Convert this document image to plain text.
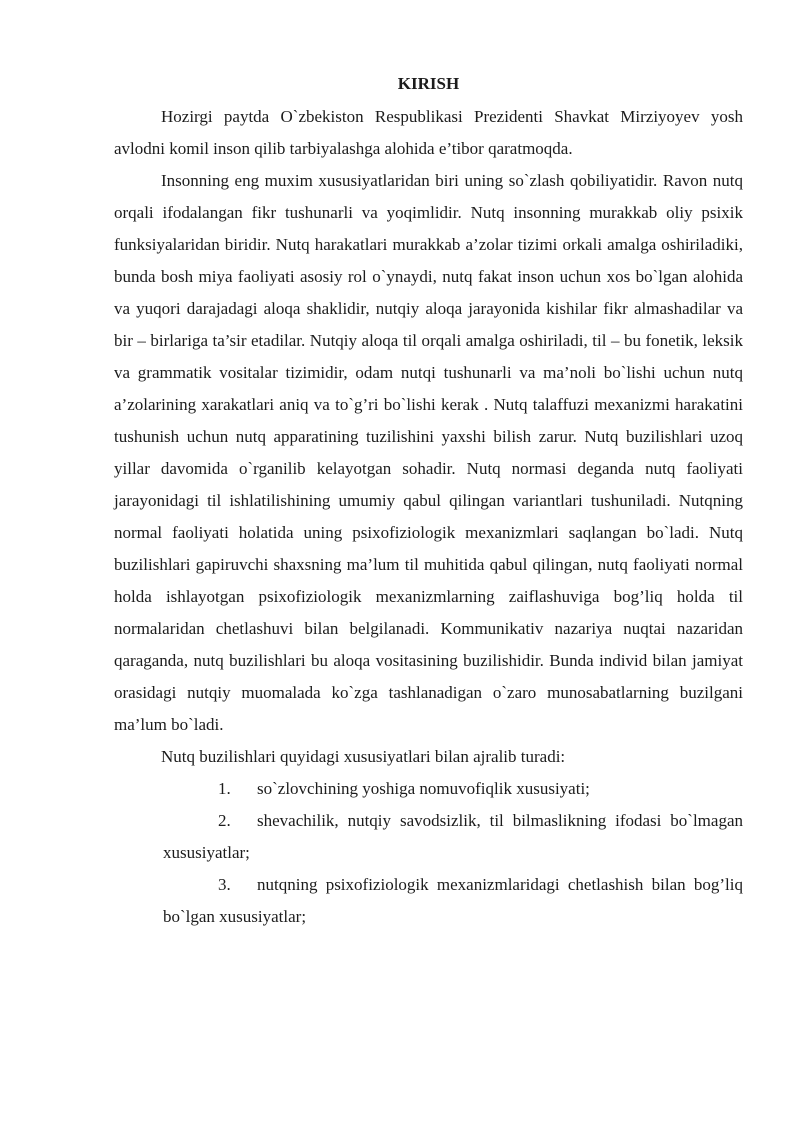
KIRISH

Hozirgi paytda O`zbekiston Respublikasi Prezidenti Shavkat Mirziyoyev yosh avlodni komil inson qilib tarbiyalashga alohida e’tibor qaratmoqda.

Insonning eng muxim xususiyatlaridan biri uning so`zlash qobiliyatidir. Ravon nutq orqali ifodalangan fikr tushunarli va yoqimlidir. Nutq insonning murakkab oliy psixik funksiyalaridan biridir. Nutq harakatlari murakkab a’zolar tizimi orkali amalga oshiriladiki, bunda bosh miya faoliyati asosiy rol o`ynaydi, nutq fakat inson uchun xos bo`lgan alohida va yuqori darajadagi aloqa shaklidir, nutqiy aloqa jarayonida kishilar fikr almashadilar va bir – birlariga ta’sir etadilar. Nutqiy aloqa til orqali amalga oshiriladi, til – bu fonetik, leksik va grammatik vositalar tizimidir, odam nutqi tushunarli va ma’noli bo`lishi uchun nutq a’zolarining xarakatlari aniq va to`g’ri bo`lishi kerak . Nutq talaffuzi mexanizmi harakatini tushunish uchun nutq apparatining tuzilishini yaxshi bilish zarur. Nutq buzilishlari uzoq yillar davomida o`rganilib kelayotgan sohadir. Nutq normasi deganda nutq faoliyati jarayonidagi til ishlatilishining umumiy qabul qilingan variantlari tushuniladi. Nutqning normal faoliyati holatida uning psixofiziologik mexanizmlari saqlangan bo`ladi. Nutq buzilishlari gapiruvchi shaxsning ma’lum til muhitida qabul qilingan, nutq faoliyati normal holda ishlayotgan psixofiziologik mexanizmlarning zaiflashuviga bog’liq holda til normalaridan chetlashuvi bilan belgilanadi. Kommunikativ nazariya nuqtai nazaridan qaraganda, nutq buzilishlari bu aloqa vositasining buzilishidir. Bunda individ bilan jamiyat orasidagi nutqiy muomalada ko`zga tashlanadigan o`zaro munosabatlarning buzilgani ma’lum bo`ladi.

Nutq buzilishlari quyidagi xususiyatlari bilan ajralib turadi:

1. so`zlovchining yoshiga nomuvofiqlik xususiyati;
2. shevachilik, nutqiy savodsizlik, til bilmaslikning ifodasi bo`lmagan xususiyatlar;
3. nutqning psixofiziologik mexanizmlaridagi chetlashish bilan bog’liq bo`lgan xususiyatlar;
